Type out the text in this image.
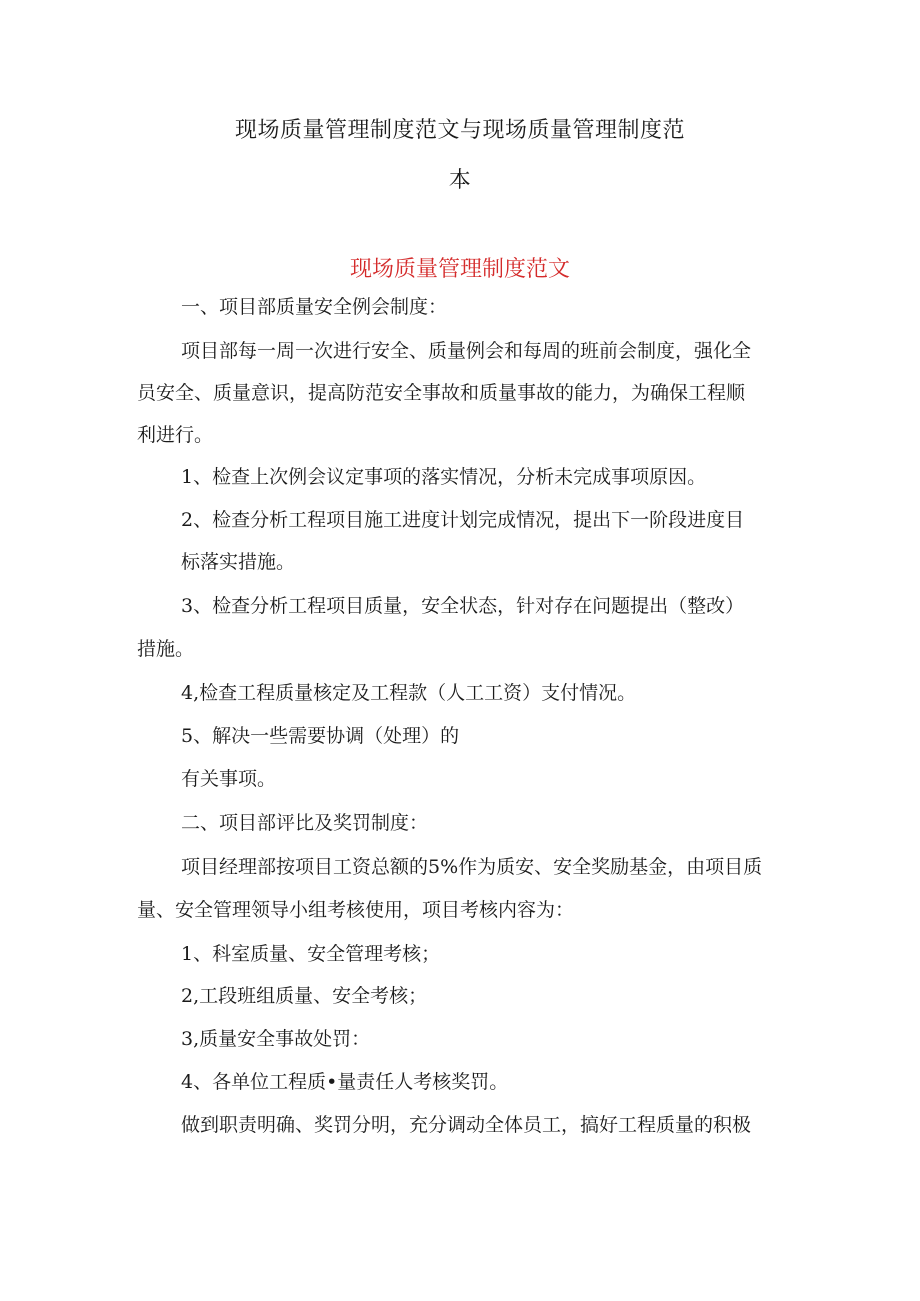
现场质量管理制度范文与现场质量管理制度范
本
现场质量管理制度范文
一、项目部质量安全例会制度：
项目部每一周一次进行安全、质量例会和每周的班前会制度，强化全
员安全、质量意识，提高防范安全事故和质量事故的能力，为确保工程顺
利进行。
1、检查上次例会议定事项的落实情况，分析未完成事项原因。
2、检查分析工程项目施工进度计划完成情况，提出下一阶段进度目
标落实措施。
3、检查分析工程项目质量，安全状态，针对存在问题提出（整改）
措施。
4,检查工程质量核定及工程款（人工工资）支付情况。
5、解决一些需要协调（处理）的
有关事项。
二、项目部评比及奖罚制度：
项目经理部按项目工资总额的5%作为质安、安全奖励基金，由项目质
量、安全管理领导小组考核使用，项目考核内容为：
1、科室质量、安全管理考核；
2,工段班组质量、安全考核；
3,质量安全事故处罚：
4、各单位工程质•量责任人考核奖罚。
做到职责明确、奖罚分明，充分调动全体员工，搞好工程质量的积极
